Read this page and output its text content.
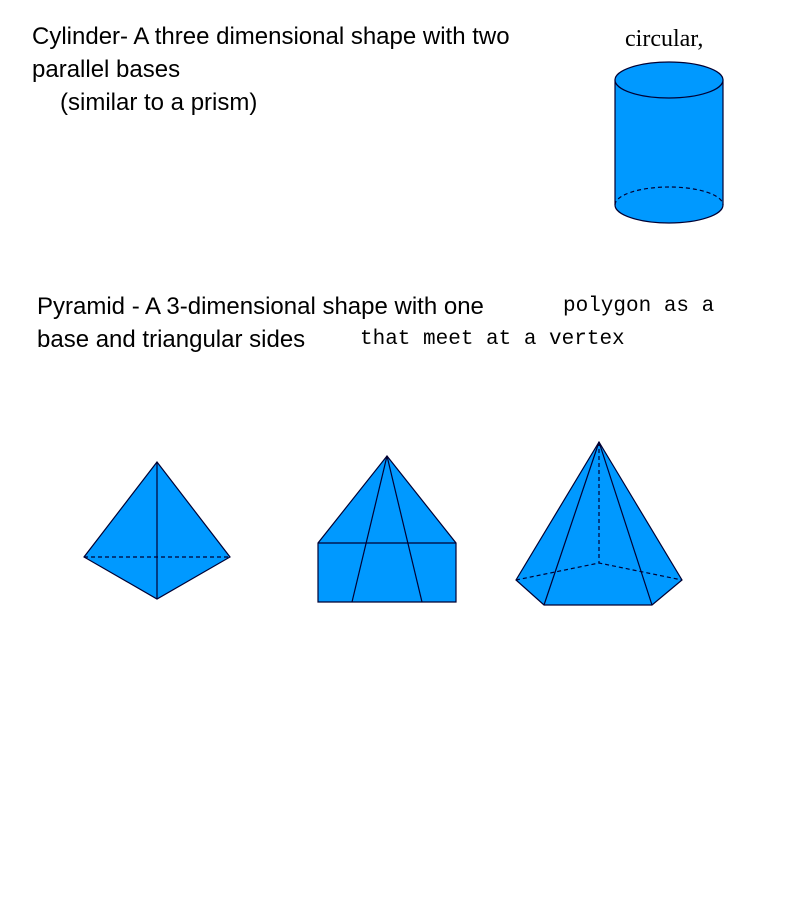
Cylinder- A three dimensional shape with two

parallel bases

(similar to a prism)

circular,

Pyramid - A 3-dimensional shape with one	polygon as a

base and triangular sides	that meet at a vertex
